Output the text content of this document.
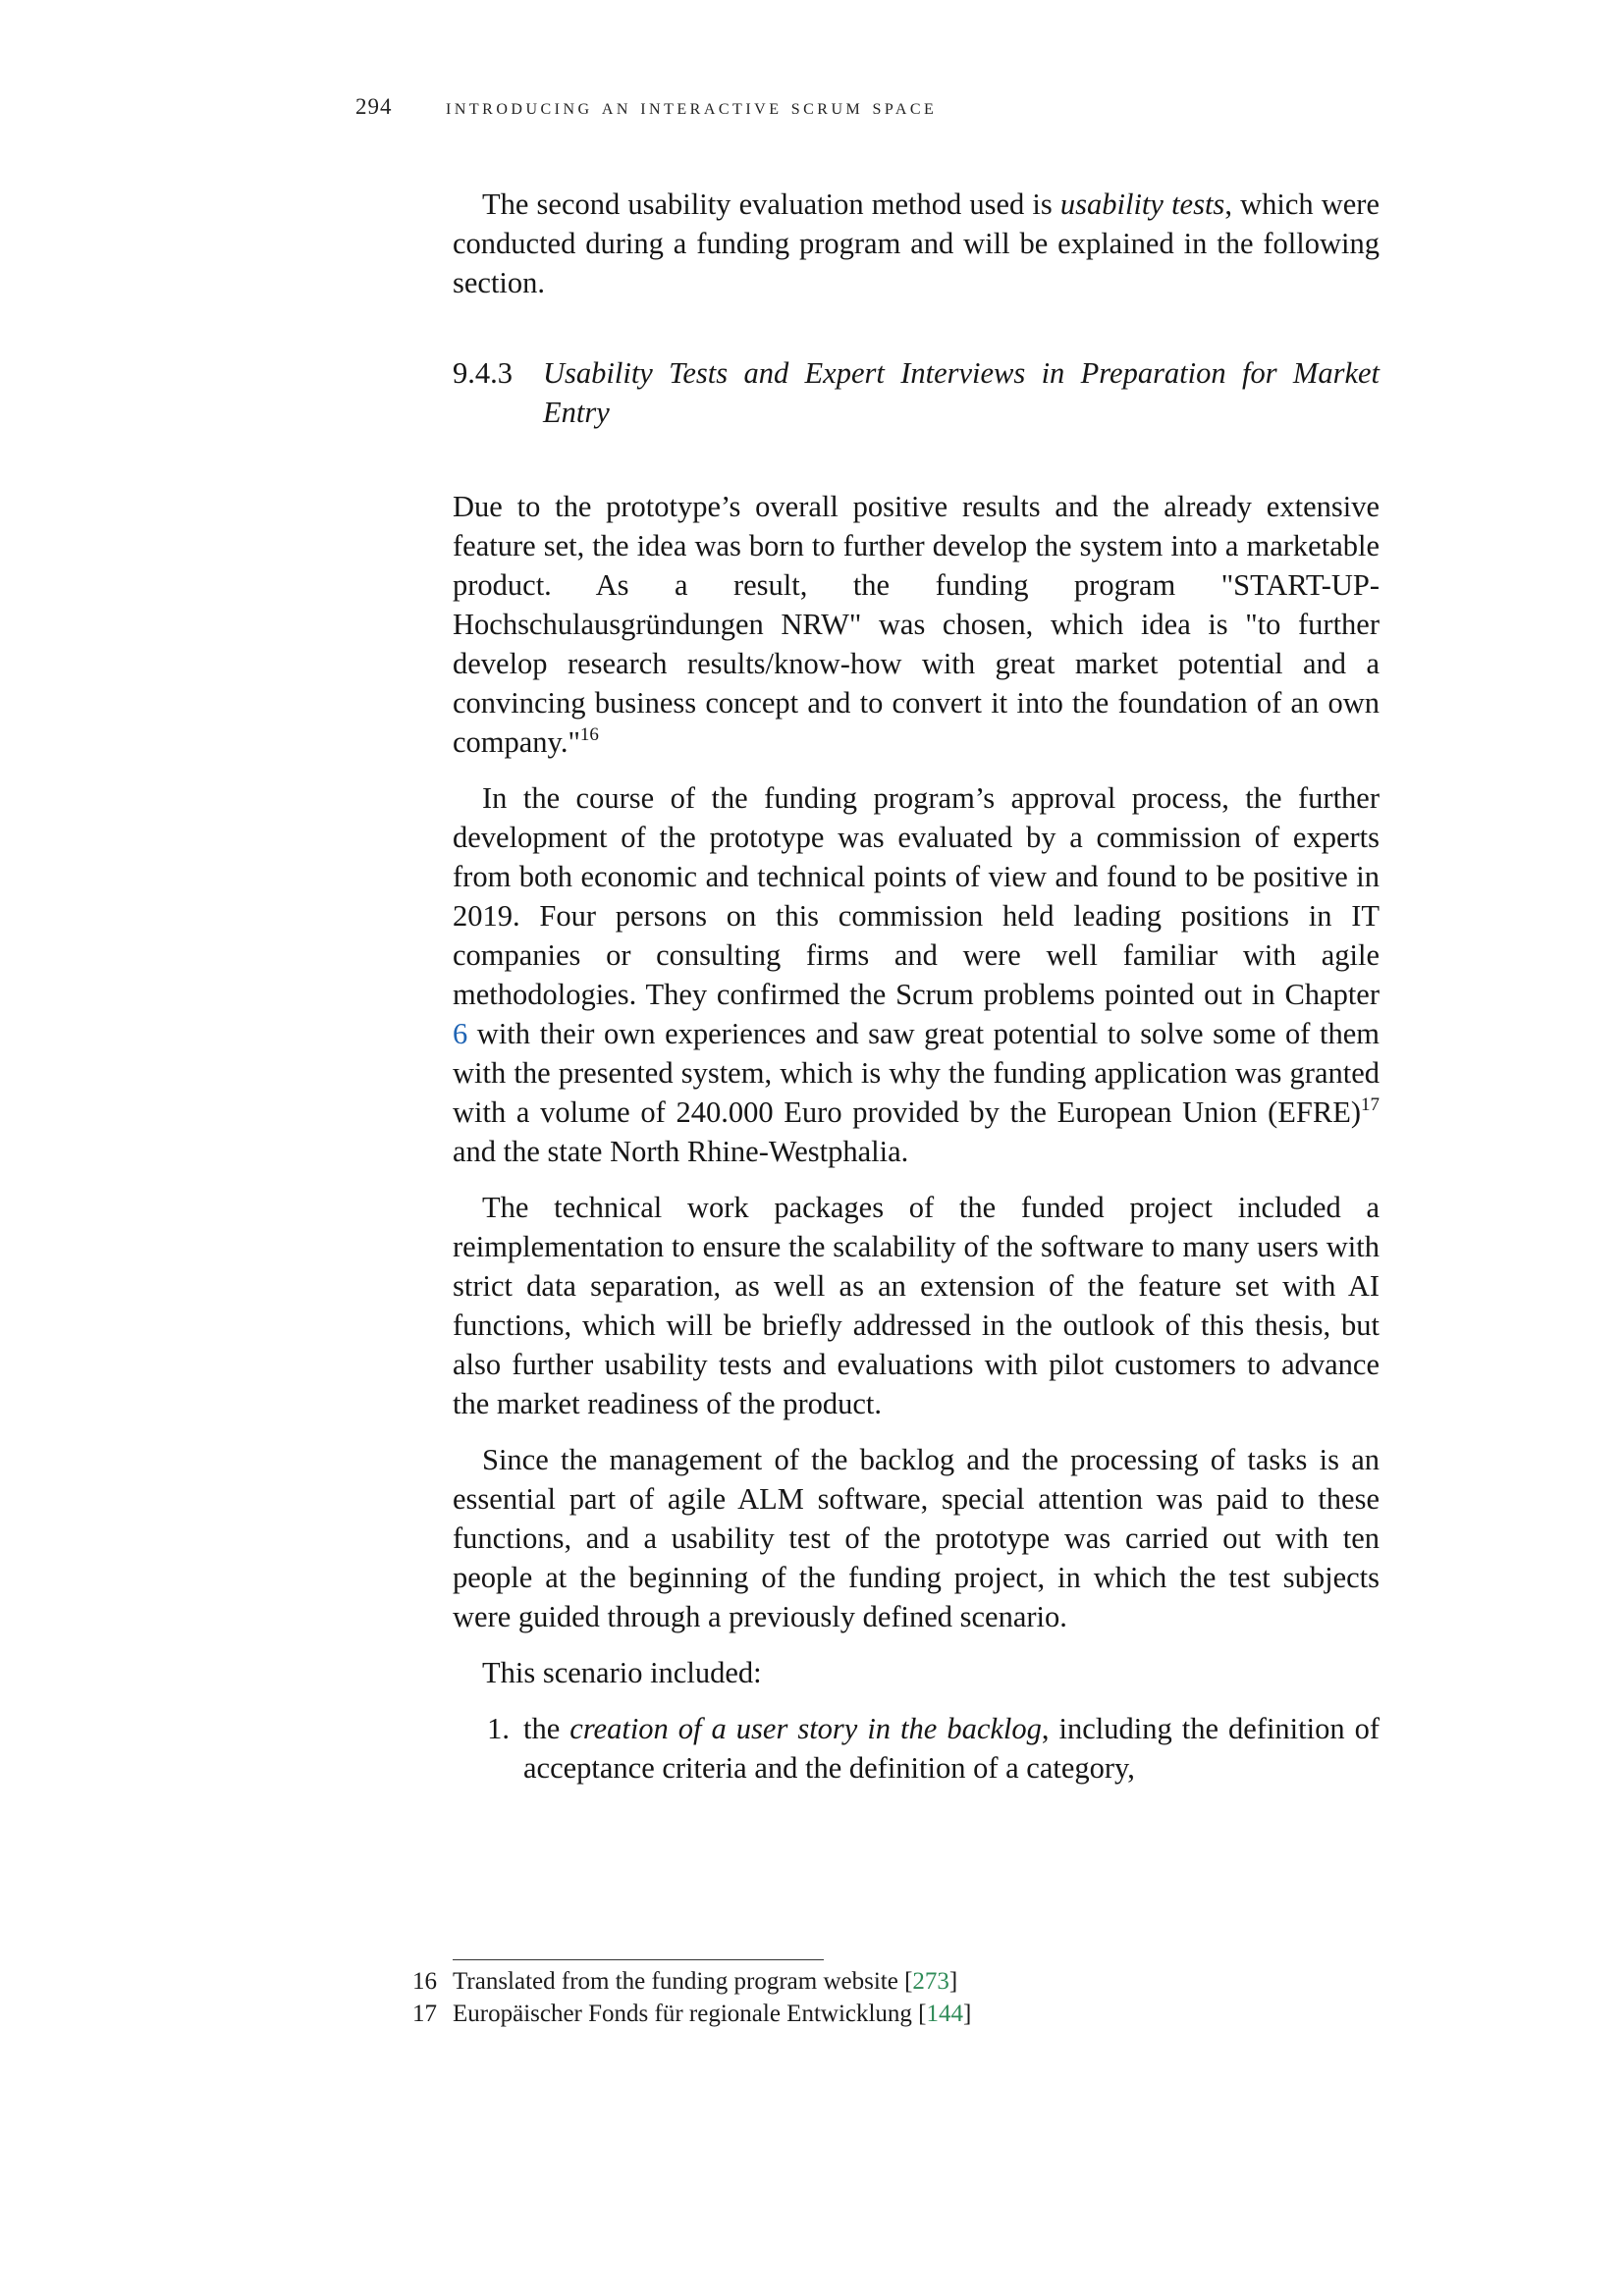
294 introducing an interactive scrum space

The second usability evaluation method used is usability tests, which were conducted during a funding program and will be explained in the following section.

9.4.3	Usability Tests and Expert Interviews in Preparation for Market Entry

Due to the prototype’s overall positive results and the already extensive feature set, the idea was born to further develop the system into a marketable product. As a result, the funding program "START-UP-Hochschulausgründungen NRW" was chosen, which idea is "to further develop research results/know-how with great market potential and a convincing business concept and to convert it into the foundation of an own company."$^{16}$

In the course of the funding program’s approval process, the further development of the prototype was evaluated by a commission of experts from both economic and technical points of view and found to be positive in 2019. Four persons on this commission held leading positions in IT companies or consulting firms and were well familiar with agile methodologies. They confirmed the Scrum problems pointed out in Chapter 6 with their own experiences and saw great potential to solve some of them with the presented system, which is why the funding application was granted with a volume of 240.000 Euro provided by the European Union (EFRE)$^{17}$ and the state North Rhine-Westphalia.

The technical work packages of the funded project included a reimplementation to ensure the scalability of the software to many users with strict data separation, as well as an extension of the feature set with AI functions, which will be briefly addressed in the outlook of this thesis, but also further usability tests and evaluations with pilot customers to advance the market readiness of the product.

Since the management of the backlog and the processing of tasks is an essential part of agile ALM software, special attention was paid to these functions, and a usability test of the prototype was carried out with ten people at the beginning of the funding project, in which the test subjects were guided through a previously defined scenario.

This scenario included:

1. the creation of a user story in the backlog, including the definition of acceptance criteria and the definition of a category,
16 Translated from the funding program website [273]
17 Europäischer Fonds für regionale Entwicklung [144]
